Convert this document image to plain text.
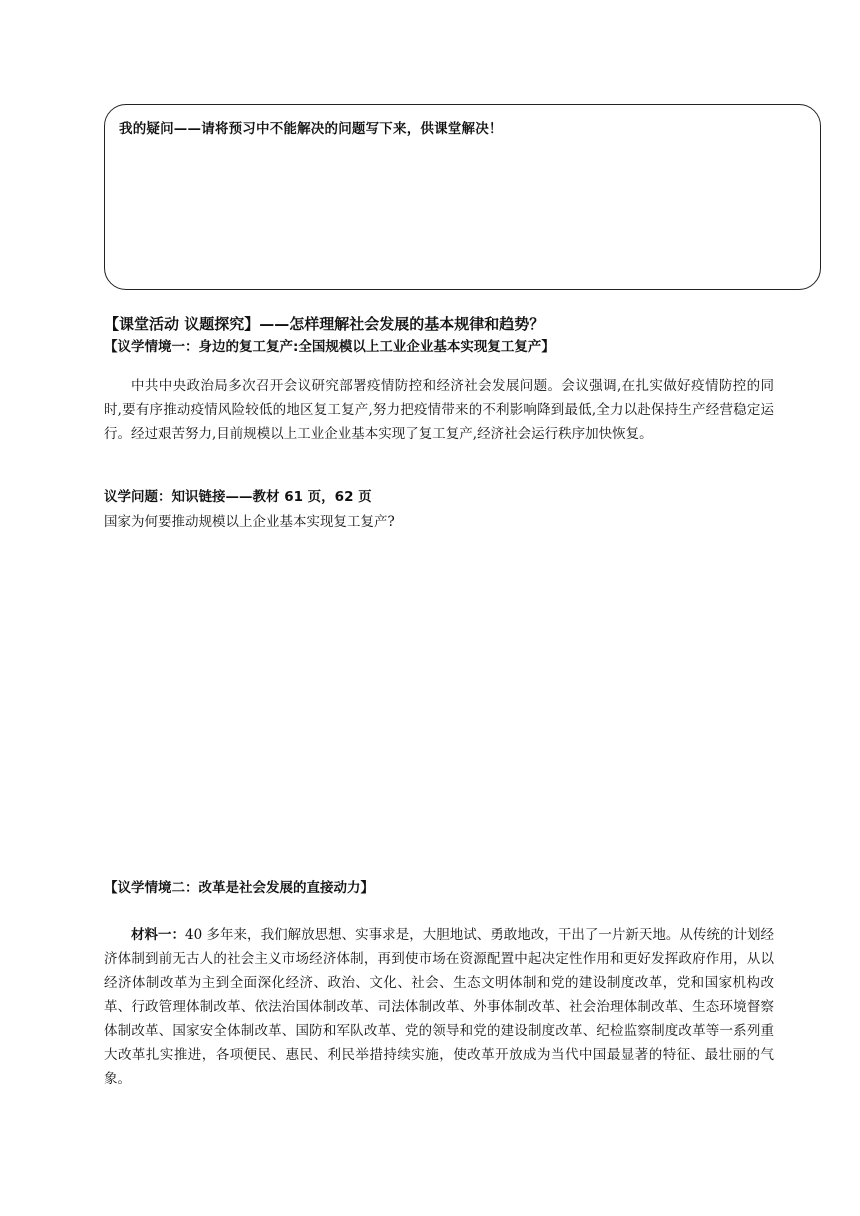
我的疑问——请将预习中不能解决的问题写下来，供课堂解决！
【课堂活动 议题探究】——怎样理解社会发展的基本规律和趋势？
【议学情境一：身边的复工复产:全国规模以上工业企业基本实现复工复产】

中共中央政治局多次召开会议研究部署疫情防控和经济社会发展问题。会议强调,在扎实做好疫情防控的同时,要有序推动疫情风险较低的地区复工复产,努力把疫情带来的不利影响降到最低,全力以赴保持生产经营稳定运行。经过艰苦努力,目前规模以上工业企业基本实现了复工复产,经济社会运行秩序加快恢复。

议学问题：知识链接——教材 61 页，62 页
国家为何要推动规模以上企业基本实现复工复产?
【议学情境二：改革是社会发展的直接动力】

材料一：40 多年来，我们解放思想、实事求是，大胆地试、勇敢地改，干出了一片新天地。从传统的计划经济体制到前无古人的社会主义市场经济体制，再到使市场在资源配置中起决定性作用和更好发挥政府作用，从以经济体制改革为主到全面深化经济、政治、文化、社会、生态文明体制和党的建设制度改革，党和国家机构改革、行政管理体制改革、依法治国体制改革、司法体制改革、外事体制改革、社会治理体制改革、生态环境督察体制改革、国家安全体制改革、国防和军队改革、党的领导和党的建设制度改革、纪检监察制度改革等一系列重大改革扎实推进，各项便民、惠民、利民举措持续实施，使改革开放成为当代中国最显著的特征、最壮丽的气象。
